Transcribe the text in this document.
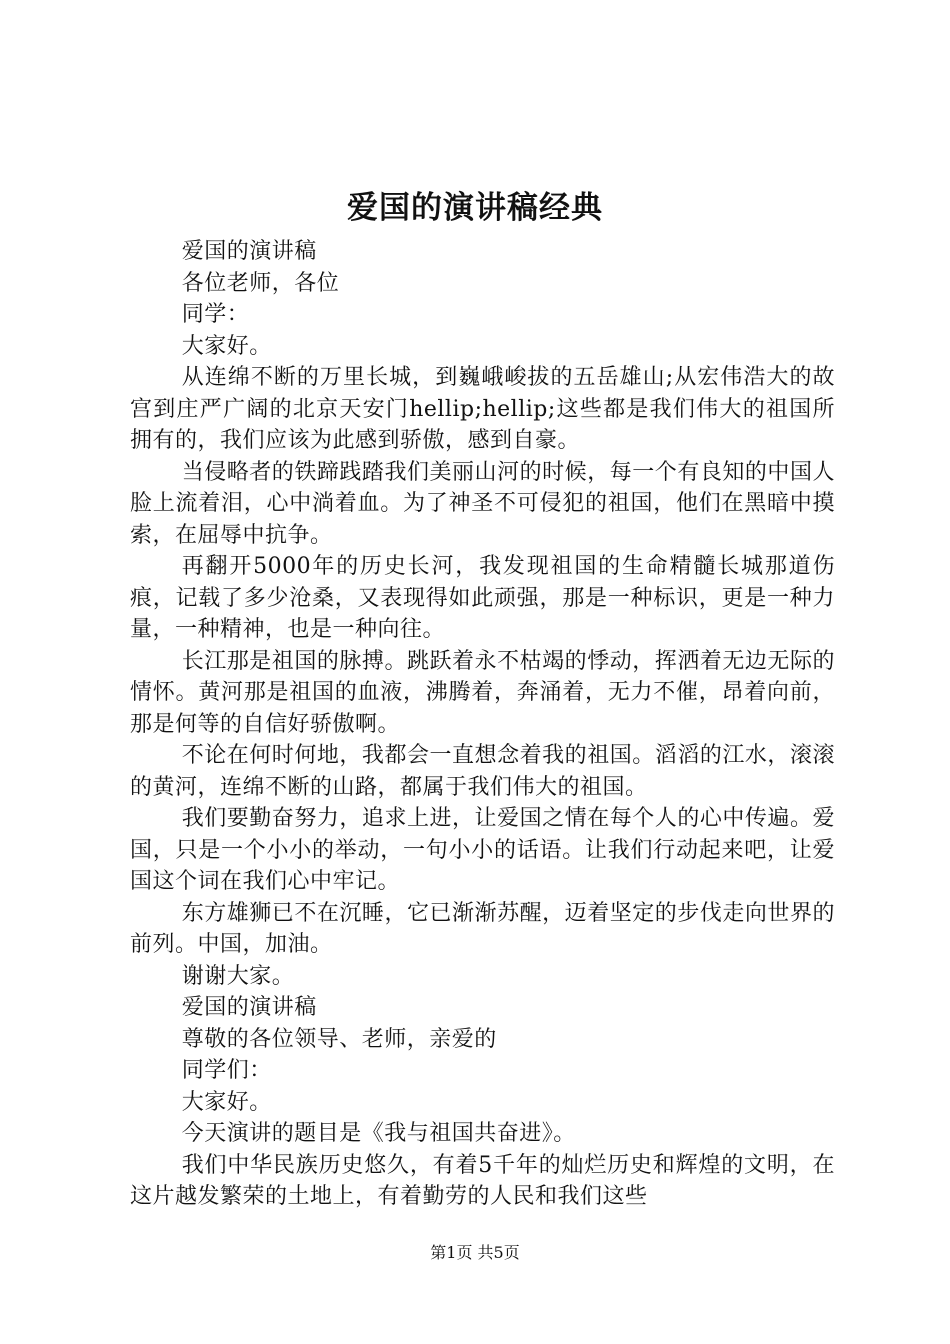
爱国的演讲稿经典

爱国的演讲稿

各位老师，各位

同学：

大家好。

从连绵不断的万里长城，到巍峨峻拔的五岳雄山;从宏伟浩大的故宫到庄严广阔的北京天安门hellip;hellip;这些都是我们伟大的祖国所拥有的，我们应该为此感到骄傲，感到自豪。

当侵略者的铁蹄践踏我们美丽山河的时候，每一个有良知的中国人脸上流着泪，心中淌着血。为了神圣不可侵犯的祖国，他们在黑暗中摸索，在屈辱中抗争。

再翻开5000年的历史长河，我发现祖国的生命精髓长城那道伤痕，记载了多少沧桑，又表现得如此顽强，那是一种标识，更是一种力量，一种精神，也是一种向往。

长江那是祖国的脉搏。跳跃着永不枯竭的悸动，挥洒着无边无际的情怀。黄河那是祖国的血液，沸腾着，奔涌着，无力不催，昂着向前，那是何等的自信好骄傲啊。

不论在何时何地，我都会一直想念着我的祖国。滔滔的江水，滚滚的黄河，连绵不断的山路，都属于我们伟大的祖国。

我们要勤奋努力，追求上进，让爱国之情在每个人的心中传遍。爱国，只是一个小小的举动，一句小小的话语。让我们行动起来吧，让爱国这个词在我们心中牢记。

东方雄狮已不在沉睡，它已渐渐苏醒，迈着坚定的步伐走向世界的前列。中国，加油。

谢谢大家。

爱国的演讲稿

尊敬的各位领导、老师，亲爱的

同学们：

大家好。

今天演讲的题目是《我与祖国共奋进》。

我们中华民族历史悠久，有着5千年的灿烂历史和辉煌的文明，在这片越发繁荣的土地上，有着勤劳的人民和我们这些

第1页 共5页
